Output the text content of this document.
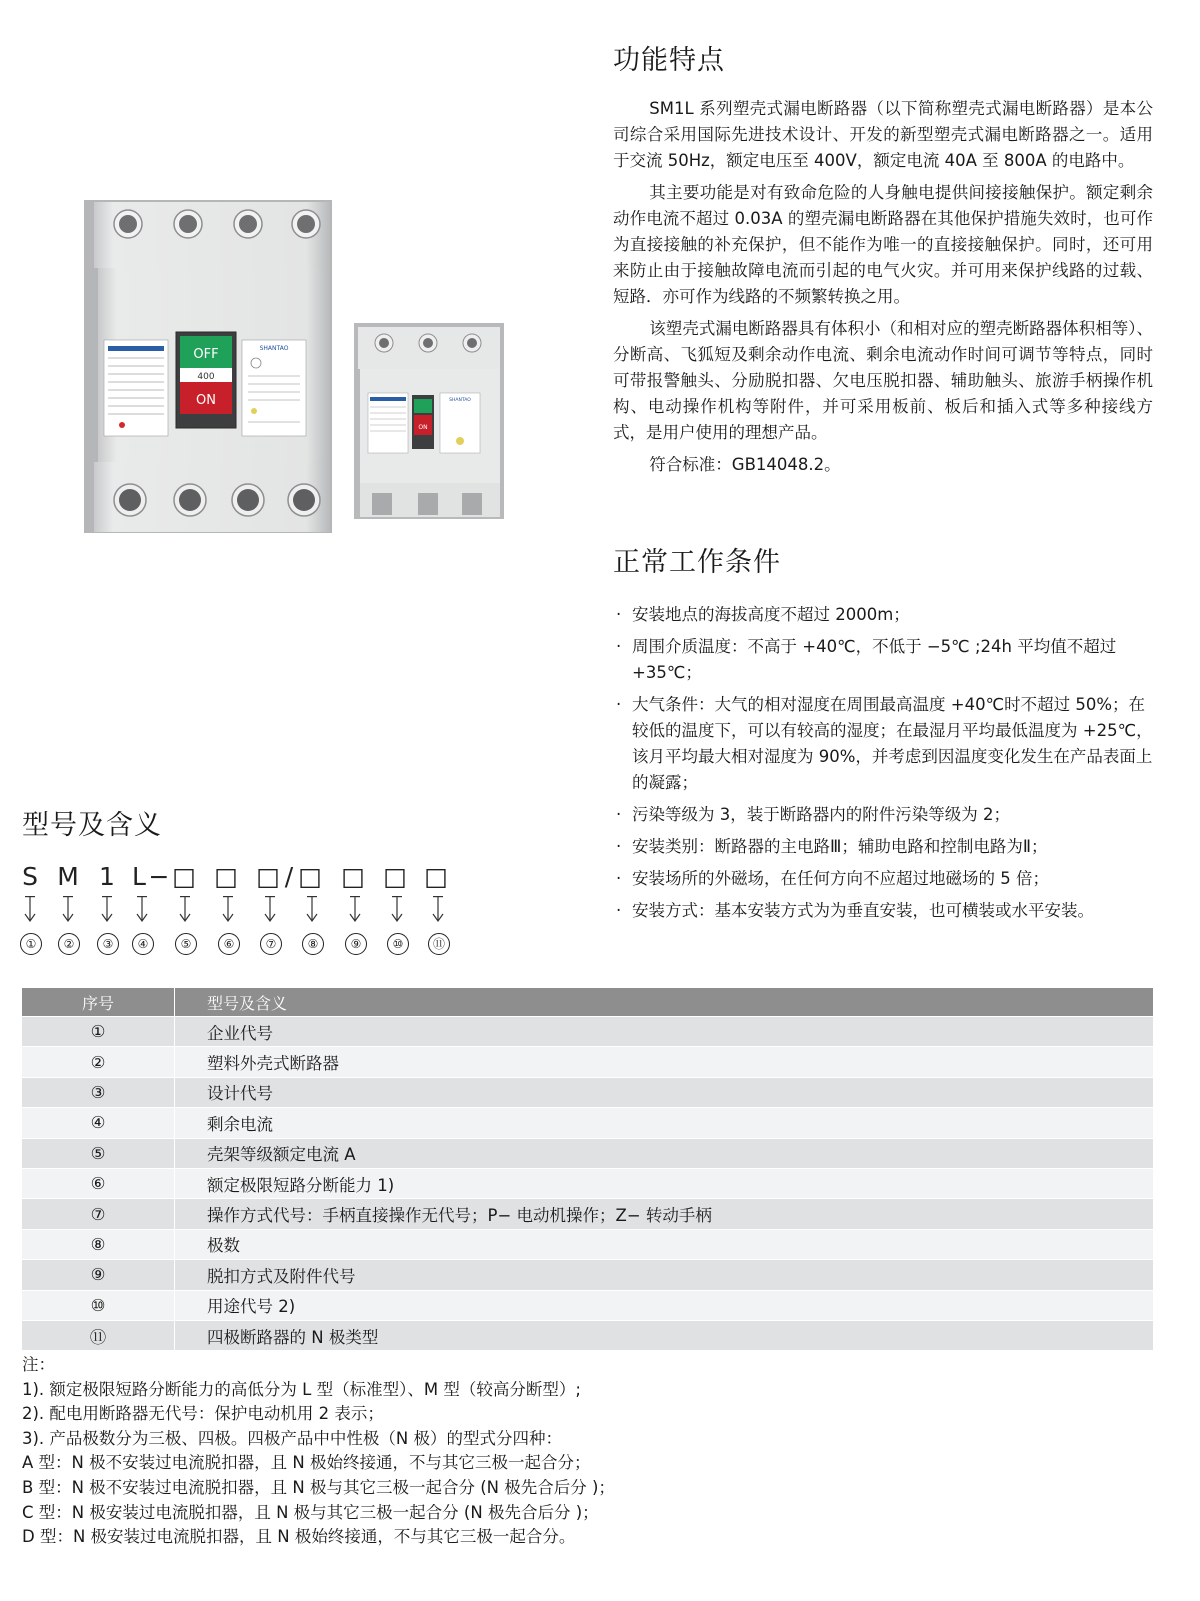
OFF
400
ON
SHANTAO
ON
SHANTAO
功能特点

SM1L 系列塑壳式漏电断路器（以下简称塑壳式漏电断路器）是本公司综合采用国际先进技术设计、开发的新型塑壳式漏电断路器之一。适用于交流 50Hz，额定电压至 400V，额定电流 40A 至 800A 的电路中。

其主要功能是对有致命危险的人身触电提供间接接触保护。额定剩余动作电流不超过 0.03A 的塑壳漏电断路器在其他保护措施失效时，也可作为直接接触的补充保护，但不能作为唯一的直接接触保护。同时，还可用来防止由于接触故障电流而引起的电气火灾。并可用来保护线路的过载、短路．亦可作为线路的不频繁转换之用。

该塑壳式漏电断路器具有体积小（和相对应的塑壳断路器体积相等）、分断高、飞狐短及剩余动作电流、剩余电流动作时间可调节等特点，同时可带报警触头、分励脱扣器、欠电压脱扣器、辅助触头、旅游手柄操作机构、电动操作机构等附件，并可采用板前、板后和插入式等多种接线方式，是用户使用的理想产品。

符合标准：GB14048.2。

正常工作条件
· 安装地点的海拔高度不超过 2000m；
· 周围介质温度：不高于 +40℃，不低于 −5℃ ;24h 平均值不超过 +35℃；
· 大气条件：大气的相对湿度在周围最高温度 +40℃时不超过 50%；在较低的温度下，可以有较高的湿度；在最湿月平均最低温度为 +25℃，该月平均最大相对湿度为 90%，并考虑到因温度变化发生在产品表面上的凝露；
· 污染等级为 3，装于断路器内的附件污染等级为 2；
· 安装类别：断路器的主电路Ⅲ；辅助电路和控制电路为Ⅱ；
· 安装场所的外磁场，在任何方向不应超过地磁场的 5 倍；
· 安装方式：基本安装方式为为垂直安装，也可横装或水平安装。
型号及含义
S M 1 L − □ □ □ / □ □ □ □
①	②	③	④	⑤	⑥	⑦	⑧	⑨	⑩	⑪
序号	型号及含义
①	企业代号
②	塑料外壳式断路器
③	设计代号
④	剩余电流
⑤	壳架等级额定电流 A
⑥	额定极限短路分断能力 1)
⑦	操作方式代号：手柄直接操作无代号；P− 电动机操作；Z− 转动手柄
⑧	极数
⑨	脱扣方式及附件代号
⑩	用途代号 2)
⑪	四极断路器的 N 极类型
注：
1). 额定极限短路分断能力的高低分为 L 型（标准型）、M 型（较高分断型）;
2). 配电用断路器无代号：保护电动机用 2 表示；
3). 产品极数分为三极、四极。四极产品中中性极（N 极）的型式分四种：
A 型：N 极不安装过电流脱扣器，且 N 极始终接通，不与其它三极一起合分；
B 型：N 极不安装过电流脱扣器，且 N 极与其它三极一起合分 (N 极先合后分 )；
C 型：N 极安装过电流脱扣器，且 N 极与其它三极一起合分 (N 极先合后分 )；
D 型：N 极安装过电流脱扣器，且 N 极始终接通，不与其它三极一起合分。
